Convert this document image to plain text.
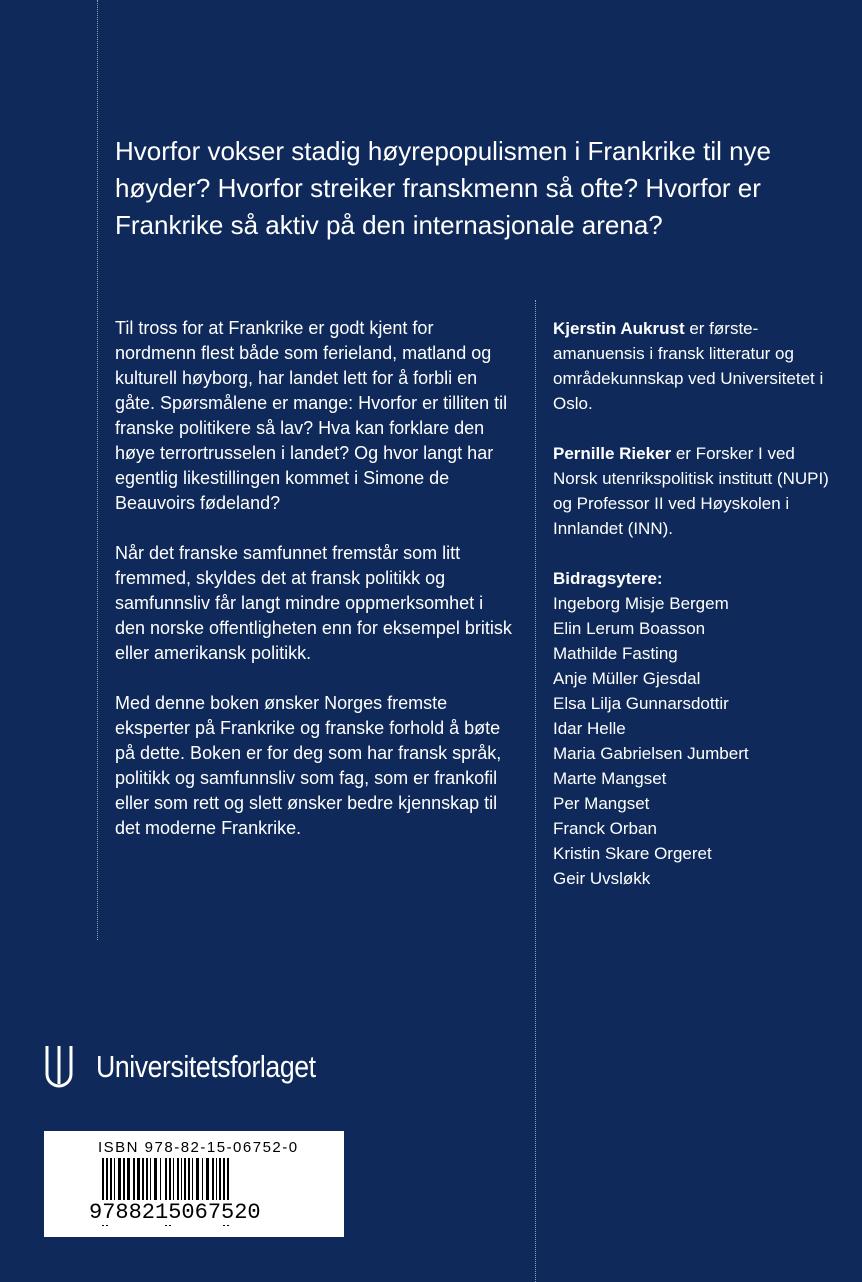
Hvorfor vokser stadig høyrepopulismen i Frankrike til nye høyder? Hvorfor streiker franskmenn så ofte? Hvorfor er Frankrike så aktiv på den internasjonale arena?

Til tross for at Frankrike er godt kjent for nordmenn flest både som ferieland, matland og kulturell høyborg, har landet lett for å forbli en gåte. Spørsmålene er mange: Hvorfor er tilliten til franske politikere så lav? Hva kan forklare den høye terrortrusselen i landet? Og hvor langt har egentlig likestillingen kommet i Simone de Beauvoirs fødeland?

Når det franske samfunnet fremstår som litt fremmed, skyldes det at fransk politikk og samfunnsliv får langt mindre oppmerksomhet i den norske offentligheten enn for eksempel britisk eller amerikansk politikk.

Med denne boken ønsker Norges fremste eksperter på Frankrike og franske forhold å bøte på dette. Boken er for deg som har fransk språk, politikk og samfunnsliv som fag, som er frankofil eller som rett og slett ønsker bedre kjennskap til det moderne Frankrike.

Kjerstin Aukrust er første-amanuensis i fransk litteratur og områdekunnskap ved Universitetet i Oslo.

Pernille Rieker er Forsker I ved Norsk utenrikspolitisk institutt (NUPI) og Professor II ved Høyskolen i Innlandet (INN).

Bidragsytere:
Ingeborg Misje Bergem
Elin Lerum Boasson
Mathilde Fasting
Anje Müller Gjesdal
Elsa Lilja Gunnarsdottir
Idar Helle
Maria Gabrielsen Jumbert
Marte Mangset
Per Mangset
Franck Orban
Kristin Skare Orgeret
Geir Uvsløkk
Universitetsforlaget
ISBN 978-82-15-06752-0
9788215067520
